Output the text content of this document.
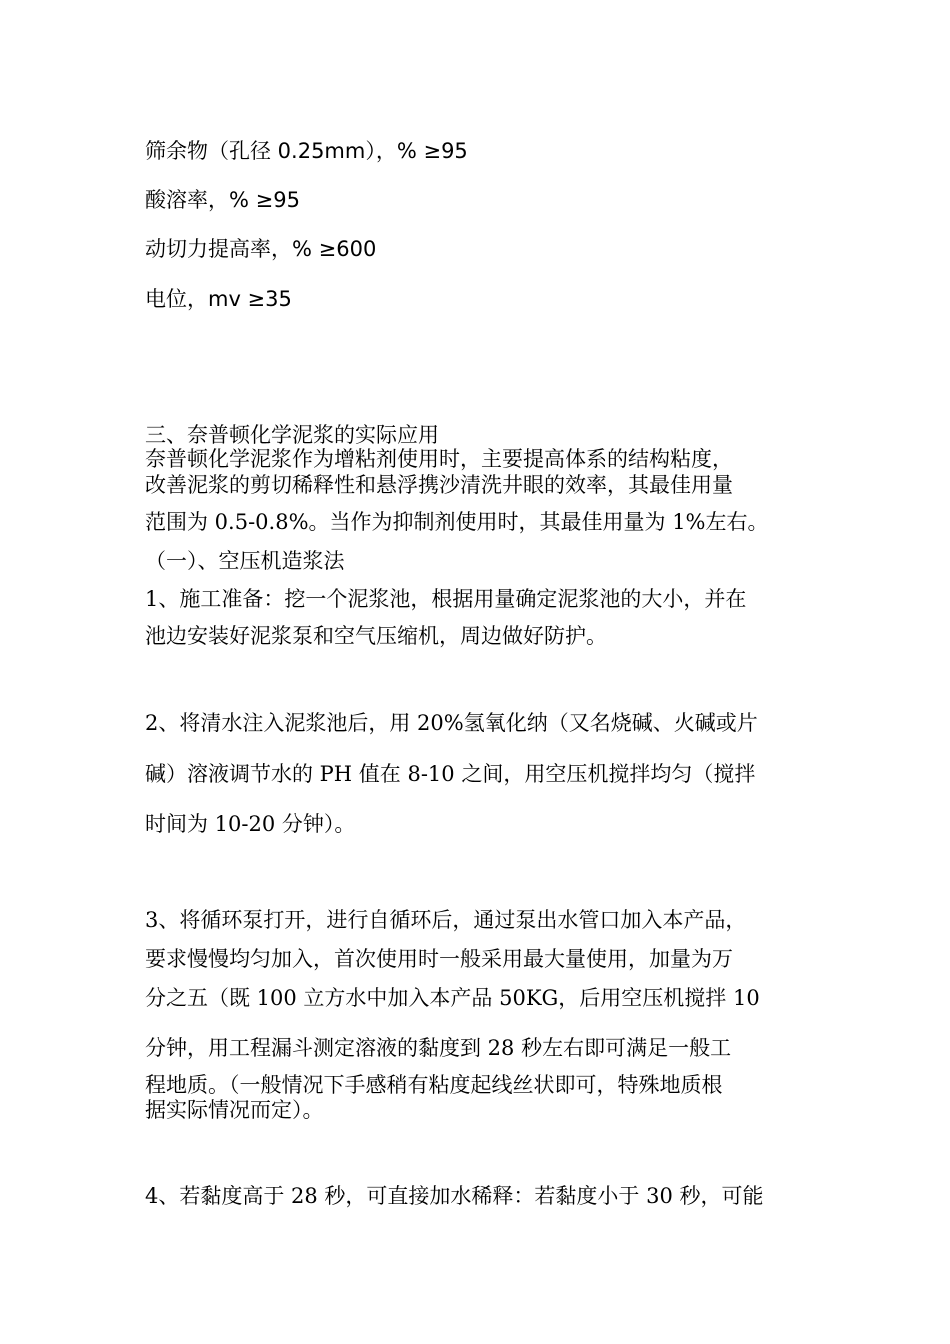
筛余物（孔径 0.25mm），% ≥95

酸溶率，% ≥95

动切力提高率，% ≥600

电位，mv ≥35

三、奈普顿化学泥浆的实际应用

奈普顿化学泥浆作为增粘剂使用时，主要提高体系的结构粘度，

改善泥浆的剪切稀释性和悬浮携沙清洗井眼的效率，其最佳用量

范围为 0.5-0.8%。当作为抑制剂使用时，其最佳用量为 1%左右。

（一）、空压机造浆法

1、施工准备：挖一个泥浆池，根据用量确定泥浆池的大小，并在

池边安装好泥浆泵和空气压缩机，周边做好防护。

2、将清水注入泥浆池后，用 20%氢氧化纳（又名烧碱、火碱或片

碱）溶液调节水的 PH 值在 8-10 之间，用空压机搅拌均匀（搅拌

时间为 10-20 分钟）。

3、将循环泵打开，进行自循环后，通过泵出水管口加入本产品，

要求慢慢均匀加入，首次使用时一般采用最大量使用，加量为万

分之五（既 100 立方水中加入本产品 50KG，后用空压机搅拌 10

分钟，用工程漏斗测定溶液的黏度到 28 秒左右即可满足一般工

程地质。（一般情况下手感稍有粘度起线丝状即可，特殊地质根

据实际情况而定）。

4、若黏度高于 28 秒，可直接加水稀释：若黏度小于 30 秒，可能
